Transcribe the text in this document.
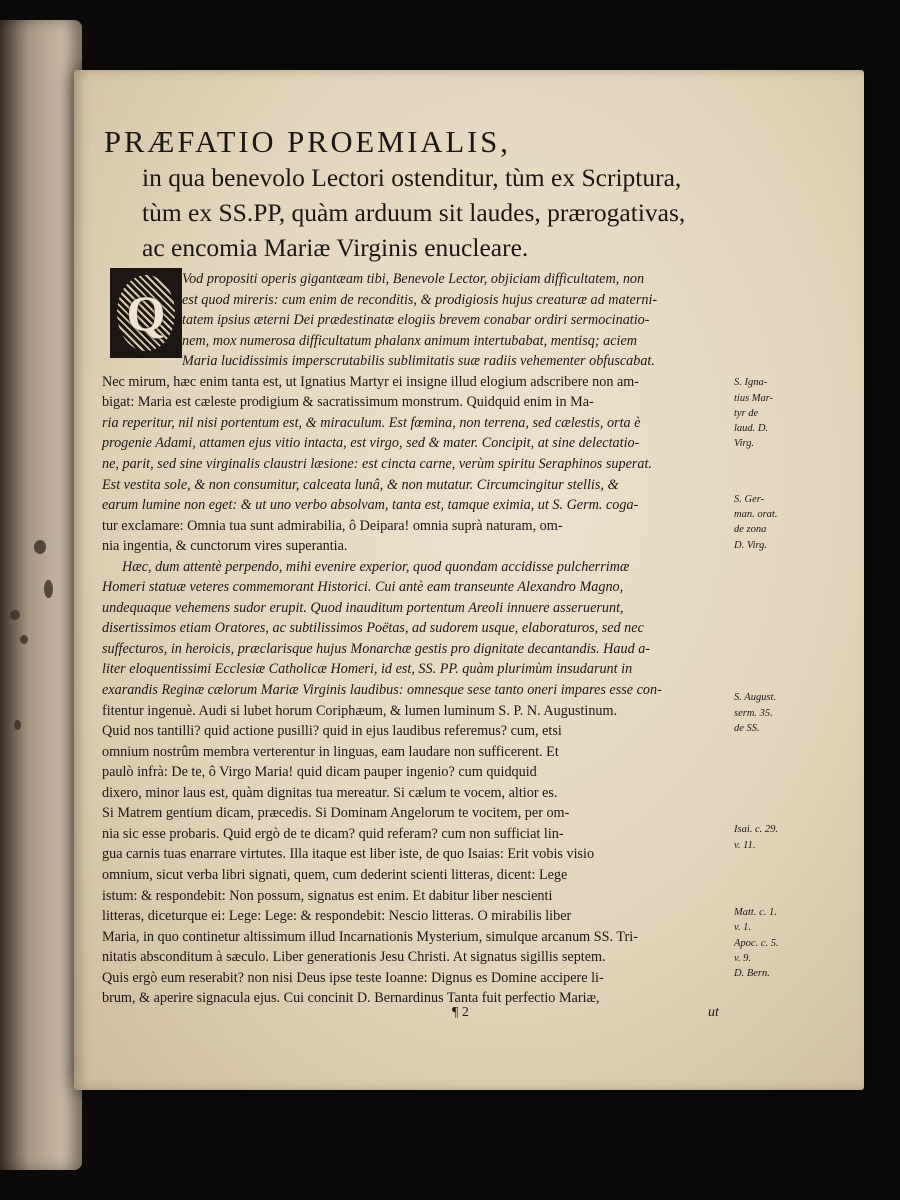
PRÆFATIO PROEMIALIS,
in qua benevolo Lectori ostenditur, tùm ex Scriptura,
tùm ex SS.PP, quàm arduum sit laudes, prærogativas,
ac encomia Mariæ Virginis enucleare.
Q
Vod propositi operis gigantæam tibi, Benevole Lector, objiciam difficultatem, non
est quod mireris: cum enim de reconditis, & prodigiosis hujus creaturæ ad materni-
tatem ipsius æterni Dei prædestinatæ elogiis brevem conabar ordiri sermocinatio-
nem, mox numerosa difficultatum phalanx animum intertubabat, mentisq; aciem
Maria lucidissimis imperscrutabilis sublimitatis suæ radiis vehementer obfuscabat.
Nec mirum, hæc enim tanta est, ut Ignatius Martyr ei insigne illud elogium adscribere non am-
bigat: Maria est cæleste prodigium & sacratissimum monstrum. Quidquid enim in Ma-
ria reperitur, nil nisi portentum est, & miraculum. Est fœmina, non terrena, sed cælestis, orta è
progenie Adami, attamen ejus vitio intacta, est virgo, sed & mater. Concipit, at sine delectatio-
ne, parit, sed sine virginalis claustri læsione: est cincta carne, verùm spiritu Seraphinos superat.
Est vestita sole, & non consumitur, calceata lunâ, & non mutatur. Circumcingitur stellis, &
earum lumine non eget: & ut uno verbo absolvam, tanta est, tamque eximia, ut S. Germ. coga-
tur exclamare: Omnia tua sunt admirabilia, ô Deipara! omnia suprà naturam, om-
nia ingentia, & cunctorum vires superantia.
Hæc, dum attentè perpendo, mihi evenire experior, quod quondam accidisse pulcherrimæ
Homeri statuæ veteres commemorant Historici. Cui antè eam transeunte Alexandro Magno,
undequaque vehemens sudor erupit. Quod inauditum portentum Areoli innuere asseruerunt,
disertissimos etiam Oratores, ac subtilissimos Poëtas, ad sudorem usque, elaboraturos, sed nec
suffecturos, in heroicis, præclarisque hujus Monarchæ gestis pro dignitate decantandis. Haud a-
liter eloquentissimi Ecclesiæ Catholicæ Homeri, id est, SS. PP. quàm plurimùm insudarunt in
exarandis Reginæ cælorum Mariæ Virginis laudibus: omnesque sese tanto oneri impares esse con-
fitentur ingenuè. Audi si lubet horum Coriphæum, & lumen luminum S. P. N. Augustinum.
Quid nos tantilli? quid actione pusilli? quid in ejus laudibus referemus? cum, etsi
omnium nostrûm membra verterentur in linguas, eam laudare non sufficerent. Et
paulò infrà: De te, ô Virgo Maria! quid dicam pauper ingenio? cum quidquid
dixero, minor laus est, quàm dignitas tua mereatur. Si cælum te vocem, altior es.
Si Matrem gentium dicam, præcedis. Si Dominam Angelorum te vocitem, per om-
nia sic esse probaris. Quid ergò de te dicam? quid referam? cum non sufficiat lin-
gua carnis tuas enarrare virtutes. Illa itaque est liber iste, de quo Isaias: Erit vobis visio
omnium, sicut verba libri signati, quem, cum dederint scienti litteras, dicent: Lege
istum: & respondebit: Non possum, signatus est enim. Et dabitur liber nescienti
litteras, diceturque ei: Lege: Lege: & respondebit: Nescio litteras. O mirabilis liber
Maria, in quo continetur altissimum illud Incarnationis Mysterium, simulque arcanum SS. Tri-
nitatis absconditum à sæculo. Liber generationis Jesu Christi. At signatus sigillis septem.
Quis ergò eum reserabit? non nisi Deus ipse teste Ioanne: Dignus es Domine accipere li-
brum, & aperire signacula ejus. Cui concinit D. Bernardinus Tanta fuit perfectio Mariæ,
S. Igna-
tius Mar-
tyr de
laud. D.
Virg.
S. Ger-
man. orat.
de zona
D. Virg.
S. August.
serm. 35.
de SS.
Isai. c. 29.
v. 11.
Matt. c. 1.
v. 1.
Apoc. c. 5.
v. 9.
D. Bern.
¶ 2	ut
